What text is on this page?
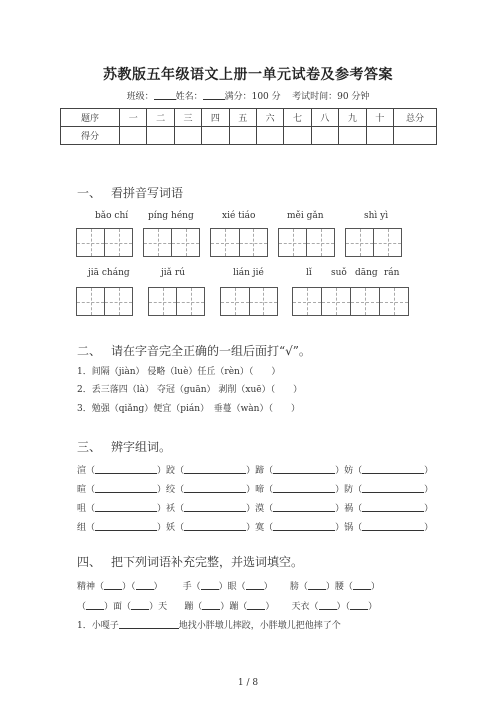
苏教版五年级语文上册一单元试卷及参考答案
班级： 姓名： 满分：100 分 考试时间：90 分钟
题序	一	二	三	四	五	六	七	八	九	十	总分
得分											
一、 看拼音写词语
bǎo chí píng héng	xié tiáo	měi gǎn	shì yì
jiā cháng	jiǎ rú	lián jié	lǐ suǒ dāng rán
二、 请在字音完全正确的一组后面打“√”。
1．间隔（jiàn） 侵略（luè）任丘（rèn）（　　）
2．丢三落四（là） 夺冠（guān） 剥削（xuē）（　　）
3．勉强（qiǎng）便宜（pián）　垂蔓（wàn）（　　）
三、 辨字组词。
渲（	）跤（	）蹄（	）妨（	）
暄（	）绞（	）啼（	）防（	）
咀（	）袄（	）漠（	）祸（	）
组（	）妖（	）寞（	）锅（	）
四、 把下列词语补充完整，并选词填空。
精神（ ）（ ）       手（ ）眼（ ）      膀（ ）腰（ ）
（ ）面（ ）天 蹦（ ）蹦（ ）      天衣（ ）（ ）
1．小嘎子	地找小胖墩儿摔跤，小胖墩儿把他摔了个
1 / 8
